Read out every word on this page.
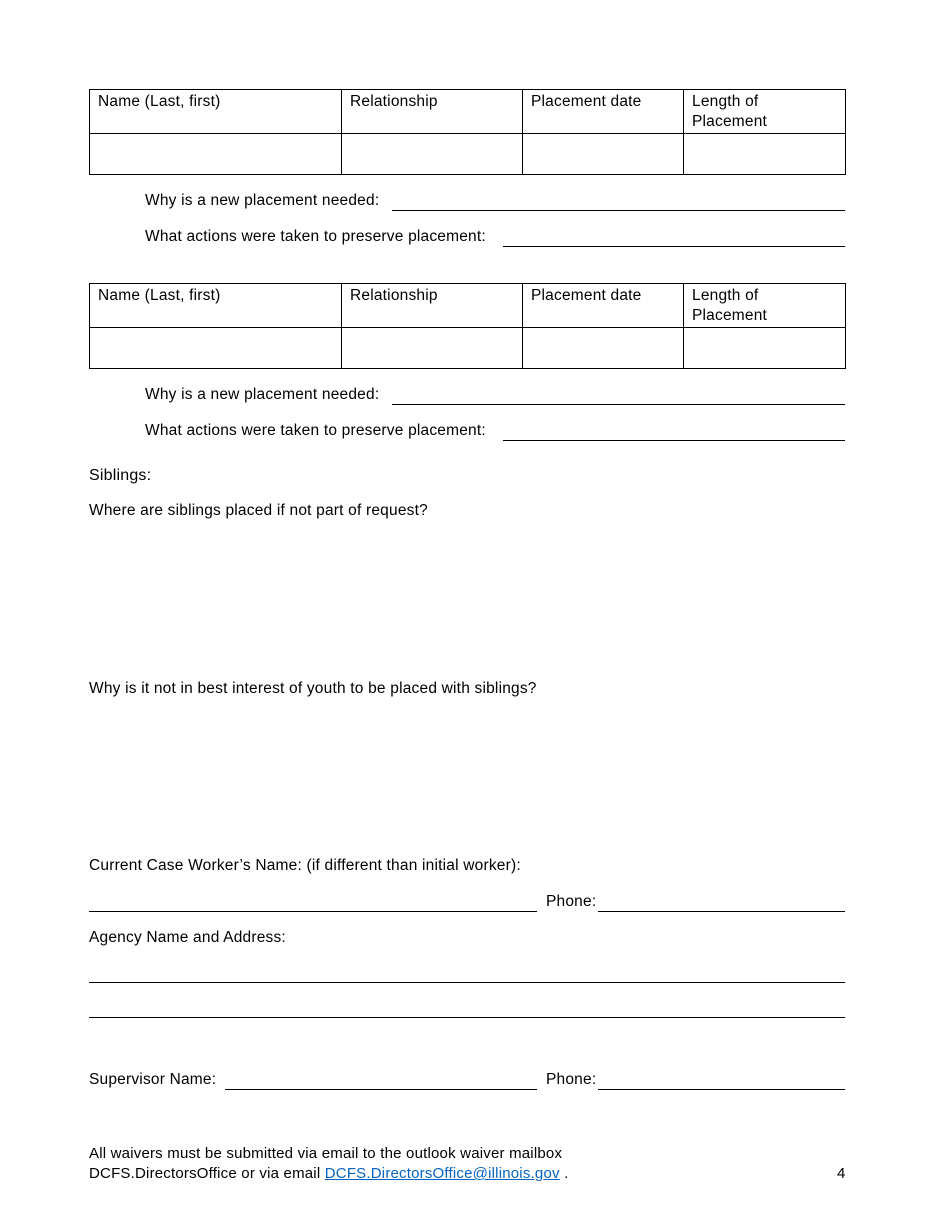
Name (Last, first)	Relationship	Placement date	Length of Placement

Why is a new placement needed:
What actions were taken to preserve placement:
Name (Last, first)	Relationship	Placement date	Length of Placement

Why is a new placement needed:
What actions were taken to preserve placement:
Siblings:
Where are siblings placed if not part of request?
Why is it not in best interest of youth to be placed with siblings?
Current Case Worker’s Name: (if different than initial worker):
Phone:
Agency Name and Address:
Supervisor Name:	Phone:
All waivers must be submitted via email to the outlook waiver mailbox
DCFS.DirectorsOffice or via email DCFS.DirectorsOffice@illinois.gov .	4
